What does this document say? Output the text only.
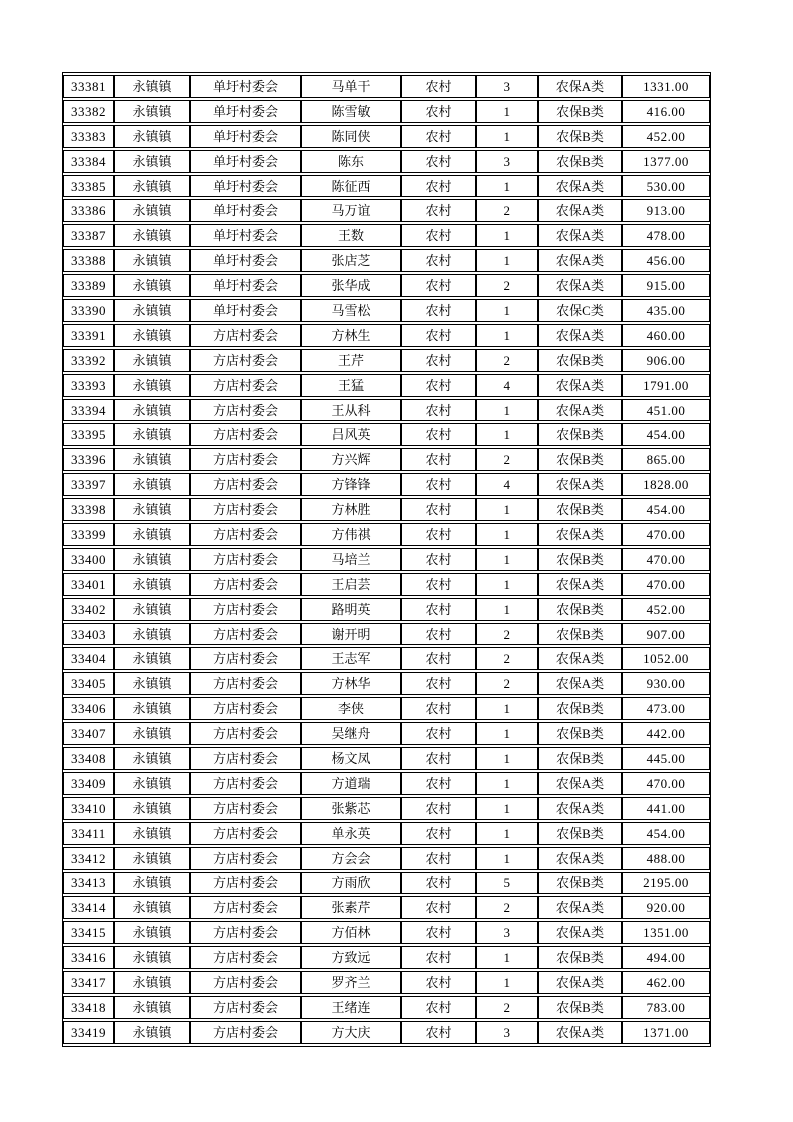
33381	永镇镇	单圩村委会	马单干	农村	3	农保A类	1331.00
33382	永镇镇	单圩村委会	陈雪敏	农村	1	农保B类	416.00
33383	永镇镇	单圩村委会	陈同侠	农村	1	农保B类	452.00
33384	永镇镇	单圩村委会	陈东	农村	3	农保B类	1377.00
33385	永镇镇	单圩村委会	陈征西	农村	1	农保A类	530.00
33386	永镇镇	单圩村委会	马万谊	农村	2	农保A类	913.00
33387	永镇镇	单圩村委会	王数	农村	1	农保A类	478.00
33388	永镇镇	单圩村委会	张店芝	农村	1	农保A类	456.00
33389	永镇镇	单圩村委会	张华成	农村	2	农保A类	915.00
33390	永镇镇	单圩村委会	马雪松	农村	1	农保C类	435.00
33391	永镇镇	方店村委会	方林生	农村	1	农保A类	460.00
33392	永镇镇	方店村委会	王芹	农村	2	农保B类	906.00
33393	永镇镇	方店村委会	王猛	农村	4	农保A类	1791.00
33394	永镇镇	方店村委会	王从科	农村	1	农保A类	451.00
33395	永镇镇	方店村委会	吕风英	农村	1	农保B类	454.00
33396	永镇镇	方店村委会	方兴辉	农村	2	农保B类	865.00
33397	永镇镇	方店村委会	方锋锋	农村	4	农保A类	1828.00
33398	永镇镇	方店村委会	方林胜	农村	1	农保B类	454.00
33399	永镇镇	方店村委会	方伟祺	农村	1	农保A类	470.00
33400	永镇镇	方店村委会	马培兰	农村	1	农保B类	470.00
33401	永镇镇	方店村委会	王启芸	农村	1	农保A类	470.00
33402	永镇镇	方店村委会	路明英	农村	1	农保B类	452.00
33403	永镇镇	方店村委会	谢开明	农村	2	农保B类	907.00
33404	永镇镇	方店村委会	王志军	农村	2	农保A类	1052.00
33405	永镇镇	方店村委会	方林华	农村	2	农保A类	930.00
33406	永镇镇	方店村委会	李侠	农村	1	农保B类	473.00
33407	永镇镇	方店村委会	吴继舟	农村	1	农保B类	442.00
33408	永镇镇	方店村委会	杨文凤	农村	1	农保B类	445.00
33409	永镇镇	方店村委会	方道瑞	农村	1	农保A类	470.00
33410	永镇镇	方店村委会	张紫芯	农村	1	农保A类	441.00
33411	永镇镇	方店村委会	单永英	农村	1	农保B类	454.00
33412	永镇镇	方店村委会	方会会	农村	1	农保A类	488.00
33413	永镇镇	方店村委会	方雨欣	农村	5	农保B类	2195.00
33414	永镇镇	方店村委会	张素芹	农村	2	农保A类	920.00
33415	永镇镇	方店村委会	方佰林	农村	3	农保A类	1351.00
33416	永镇镇	方店村委会	方致远	农村	1	农保B类	494.00
33417	永镇镇	方店村委会	罗齐兰	农村	1	农保A类	462.00
33418	永镇镇	方店村委会	王绪连	农村	2	农保B类	783.00
33419	永镇镇	方店村委会	方大庆	农村	3	农保A类	1371.00
